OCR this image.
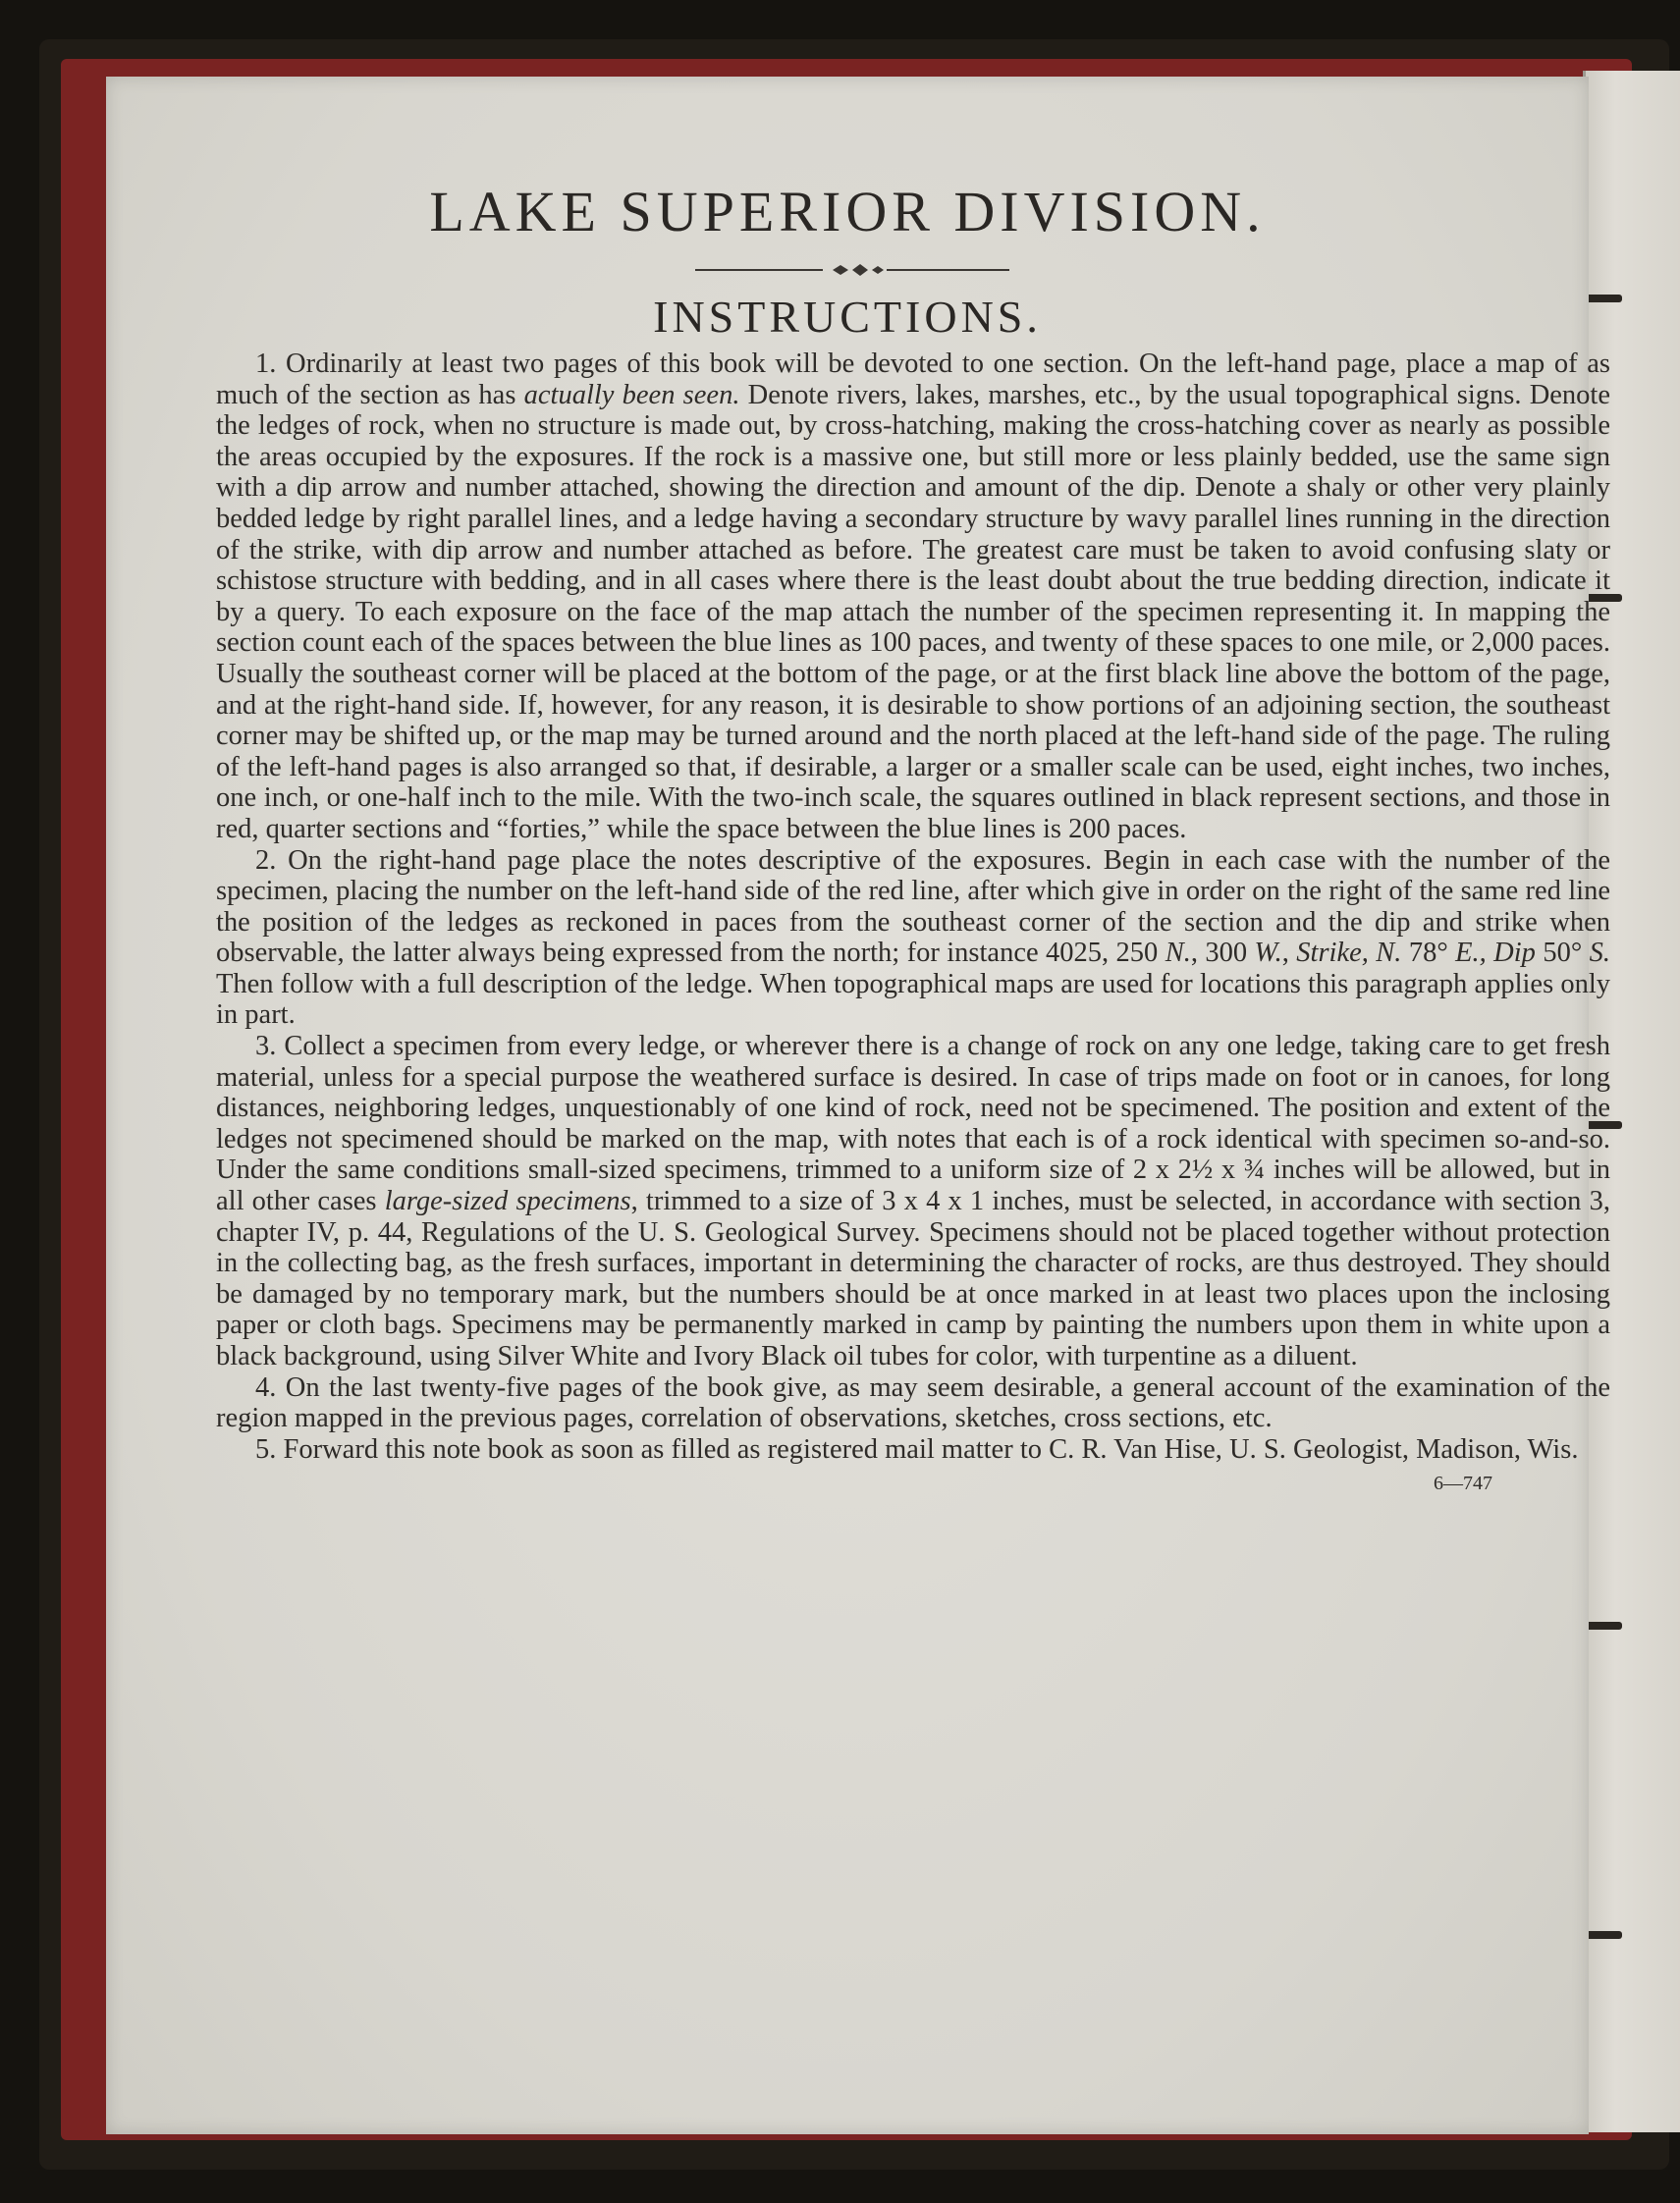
LAKE SUPERIOR DIVISION.
INSTRUCTIONS.

1. Ordinarily at least two pages of this book will be devoted to one section. On the left-hand page, place a map of as much of the section as has actually been seen. Denote rivers, lakes, marshes, etc., by the usual topographical signs. Denote the ledges of rock, when no structure is made out, by cross-hatching, making the cross-hatching cover as nearly as possible the areas occupied by the exposures. If the rock is a massive one, but still more or less plainly bedded, use the same sign with a dip arrow and number attached, showing the direction and amount of the dip. Denote a shaly or other very plainly bedded ledge by right parallel lines, and a ledge having a secondary structure by wavy parallel lines running in the direction of the strike, with dip arrow and number attached as before. The greatest care must be taken to avoid confusing slaty or schistose structure with bedding, and in all cases where there is the least doubt about the true bedding direction, indicate it by a query. To each exposure on the face of the map attach the number of the specimen representing it. In mapping the section count each of the spaces between the blue lines as 100 paces, and twenty of these spaces to one mile, or 2,000 paces. Usually the southeast corner will be placed at the bottom of the page, or at the first black line above the bottom of the page, and at the right-hand side. If, however, for any reason, it is desirable to show portions of an adjoining section, the southeast corner may be shifted up, or the map may be turned around and the north placed at the left-hand side of the page. The ruling of the left-hand pages is also arranged so that, if desirable, a larger or a smaller scale can be used, eight inches, two inches, one inch, or one-half inch to the mile. With the two-inch scale, the squares outlined in black represent sections, and those in red, quarter sections and “forties,” while the space between the blue lines is 200 paces.

2. On the right-hand page place the notes descriptive of the exposures. Begin in each case with the number of the specimen, placing the number on the left-hand side of the red line, after which give in order on the right of the same red line the position of the ledges as reckoned in paces from the southeast corner of the section and the dip and strike when observable, the latter always being expressed from the north; for instance 4025, 250 N., 300 W., Strike, N. 78° E., Dip 50° S. Then follow with a full description of the ledge. When topographical maps are used for locations this paragraph applies only in part.

3. Collect a specimen from every ledge, or wherever there is a change of rock on any one ledge, taking care to get fresh material, unless for a special purpose the weathered surface is desired. In case of trips made on foot or in canoes, for long distances, neighboring ledges, unquestionably of one kind of rock, need not be specimened. The position and extent of the ledges not specimened should be marked on the map, with notes that each is of a rock identical with specimen so-and-so. Under the same conditions small-sized specimens, trimmed to a uniform size of 2 x 2½ x ¾ inches will be allowed, but in all other cases large-sized specimens, trimmed to a size of 3 x 4 x 1 inches, must be selected, in accordance with section 3, chapter IV, p. 44, Regulations of the U. S. Geological Survey. Specimens should not be placed together without protection in the collecting bag, as the fresh surfaces, important in determining the character of rocks, are thus destroyed. They should be damaged by no temporary mark, but the numbers should be at once marked in at least two places upon the inclosing paper or cloth bags. Specimens may be permanently marked in camp by painting the numbers upon them in white upon a black background, using Silver White and Ivory Black oil tubes for color, with turpentine as a diluent.

4. On the last twenty-five pages of the book give, as may seem desirable, a general account of the examination of the region mapped in the previous pages, correlation of observations, sketches, cross sections, etc.

5. Forward this note book as soon as filled as registered mail matter to C. R. Van Hise, U. S. Geologist, Madison, Wis.
6—747
